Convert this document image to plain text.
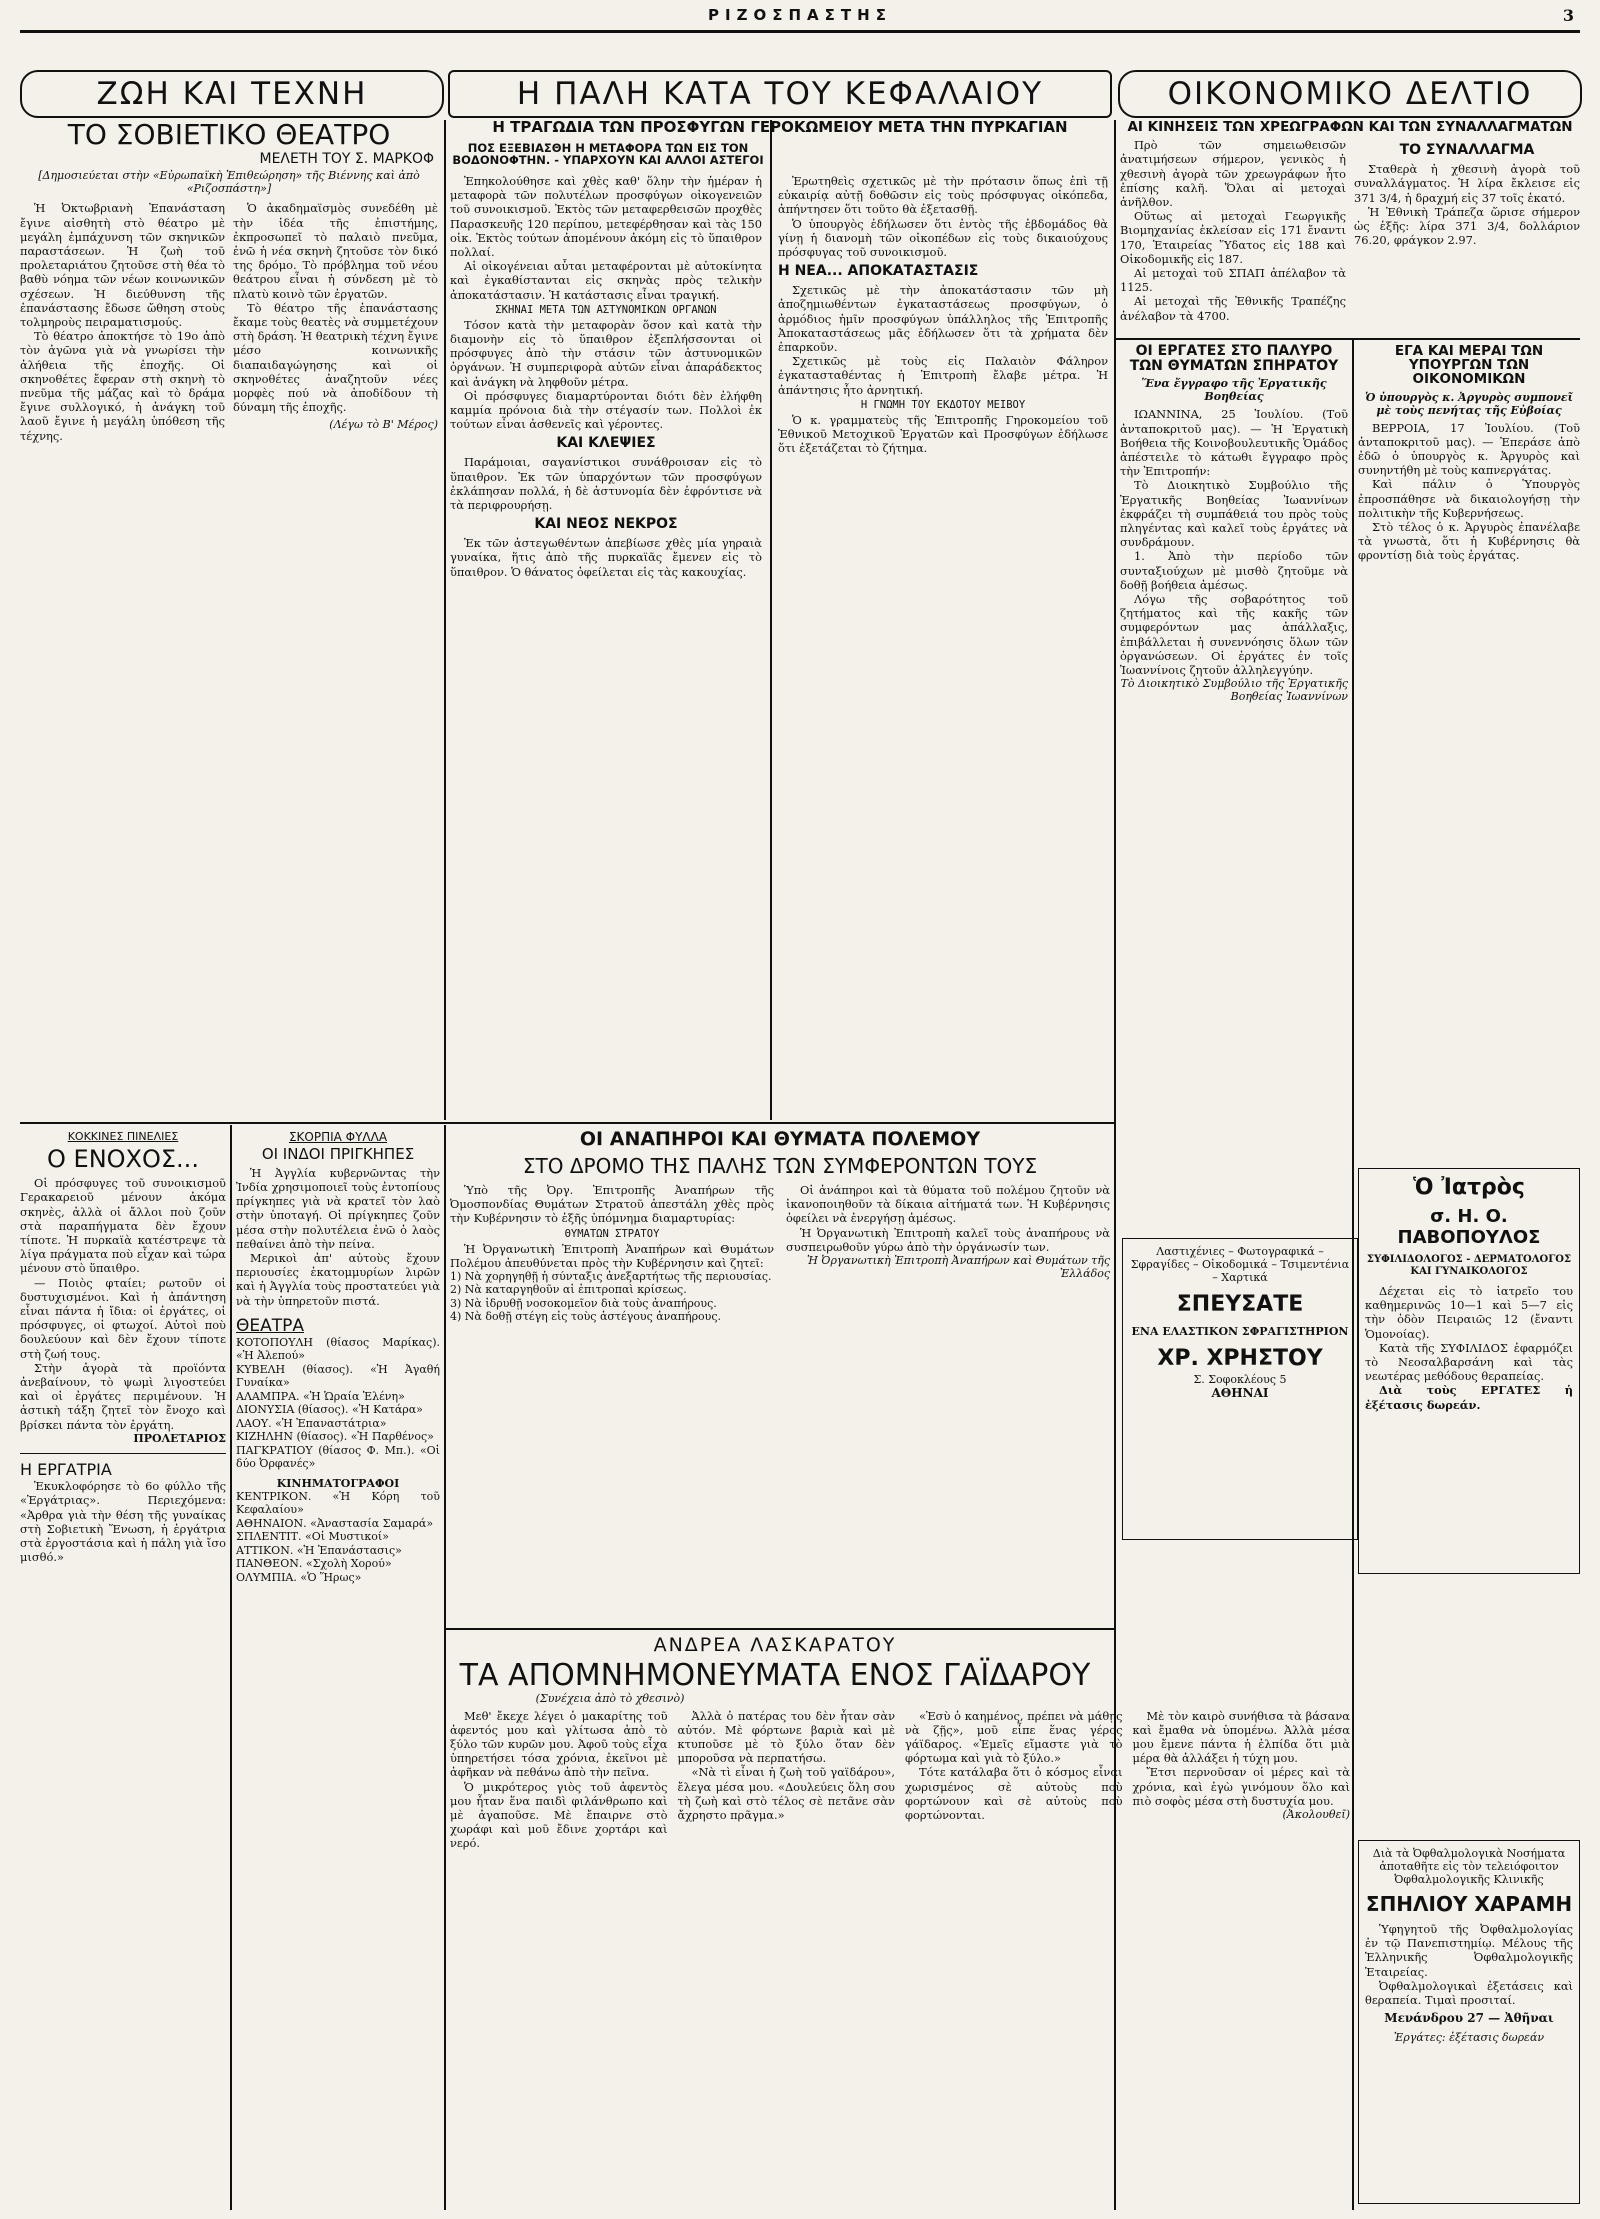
ΡΙΖΟΣΠΑΣΤΗΣ	3
ΖΩΗ ΚΑΙ ΤΕΧΝΗ	Η ΠΑΛΗ ΚΑΤΑ ΤΟΥ ΚΕΦΑΛΑΙΟΥ	ΟΙΚΟΝΟΜΙΚΟ ΔΕΛΤΙΟ
ΤΟ ΣΟΒΙΕΤΙΚΟ ΘΕΑΤΡΟ
ΜΕΛΕΤΗ ΤΟΥ Σ. ΜΑΡΚΟΦ
[Δημοσιεύεται στὴν «Εὐρωπαϊκὴ Ἐπιθεώρηση» τῆς Βιέννης καὶ ἀπὸ «Ριζοσπάστη»]

Ἡ Ὀκτωβριανὴ Ἐπανάσταση ἔγινε αἰσθητὴ στὸ θέατρο μὲ μεγάλη ἐμπάχυνση τῶν σκηνικῶν παραστάσεων. Ἡ ζωὴ τοῦ προλεταριάτου ζητοῦσε στὴ θέα τὸ βαθὺ νόημα τῶν νέων κοινωνικῶν σχέσεων. Ἡ διεύθυνση τῆς ἐπανάστασης ἔδωσε ὤθηση στοὺς τολμηροὺς πειραματισμούς.

Τὸ θέατρο ἀποκτήσε τὸ 19ο ἀπὸ τὸν ἀγῶνα γιὰ νὰ γνωρίσει τὴν ἀλήθεια τῆς ἐποχῆς. Οἱ σκηνοθέτες ἔφεραν στὴ σκηνὴ τὸ πνεῦμα τῆς μάζας καὶ τὸ δράμα ἔγινε συλλογικό, ἡ ἀνάγκη τοῦ λαοῦ ἔγινε ἡ μεγάλη ὑπόθεση τῆς τέχνης.

Ὁ ἀκαδημαϊσμὸς συνεδέθη μὲ τὴν ἰδέα τῆς ἐπιστήμης, ἐκπροσωπεῖ τὸ παλαιὸ πνεῦμα, ἐνῶ ἡ νέα σκηνὴ ζητοῦσε τὸν δικό της δρόμο. Τὸ πρόβλημα τοῦ νέου θεάτρου εἶναι ἡ σύνδεση μὲ τὸ πλατὺ κοινὸ τῶν ἐργατῶν.

Τὸ θέατρο τῆς ἐπανάστασης ἔκαμε τοὺς θεατὲς νὰ συμμετέχουν στὴ δράση. Ἡ θεατρικὴ τέχνη ἔγινε μέσο κοινωνικῆς διαπαιδαγώγησης καὶ οἱ σκηνοθέτες ἀναζητοῦν νέες μορφὲς πού νὰ ἀποδίδουν τὴ δύναμη τῆς ἐποχῆς.

(Λέγω τὸ Β' Μέρος)
ΚΟΚΚΙΝΕΣ ΠΙΝΕΛΙΕΣ
Ο ΕΝΟΧΟΣ...

Οἱ πρόσφυγες τοῦ συνοικισμοῦ Γερακαρειοῦ μένουν ἀκόμα σκηνὲς, ἀλλὰ οἱ ἄλλοι ποὺ ζοῦν στὰ παραπήγματα δὲν ἔχουν τίποτε. Ἡ πυρκαϊὰ κατέστρεψε τὰ λίγα πράγματα ποὺ εἶχαν καὶ τώρα μένουν στὸ ὕπαιθρο.

— Ποιὸς φταίει; ρωτοῦν οἱ δυστυχισμένοι. Καὶ ἡ ἀπάντηση εἶναι πάντα ἡ ἴδια: οἱ ἐργάτες, οἱ πρόσφυγες, οἱ φτωχοί. Αὐτοὶ ποὺ δουλεύουν καὶ δὲν ἔχουν τίποτε στὴ ζωή τους.

Στὴν ἀγορὰ τὰ προϊόντα ἀνεβαίνουν, τὸ ψωμὶ λιγοστεύει καὶ οἱ ἐργάτες περιμένουν. Ἡ ἀστικὴ τάξη ζητεῖ τὸν ἔνοχο καὶ βρίσκει πάντα τὸν ἐργάτη.

ΠΡΟΛΕΤΑΡΙΟΣ
Η ΕΡΓΑΤΡΙΑ

Ἐκυκλοφόρησε τὸ 6ο φύλλο τῆς «Ἐργάτριας». Περιεχόμενα: «Ἀρθρα γιὰ τὴν θέση τῆς γυναίκας στὴ Σοβιετικὴ Ἕνωση, ἡ ἐργάτρια στὰ ἐργοστάσια καὶ ἡ πάλη γιὰ ἴσο μισθό.»

ΣΚΟΡΠΙΑ ΦΥΛΛΑ
ΟΙ ΙΝΔΟΙ ΠΡΙΓΚΗΠΕΣ

Ἡ Ἀγγλία κυβερνῶντας τὴν Ἰνδία χρησιμοποιεῖ τοὺς ἐντοπίους πρίγκηπες γιὰ νὰ κρατεῖ τὸν λαὸ στὴν ὑποταγή. Οἱ πρίγκηπες ζοῦν μέσα στὴν πολυτέλεια ἐνῶ ὁ λαὸς πεθαίνει ἀπὸ τὴν πείνα.

Μερικοὶ ἀπ' αὐτοὺς ἔχουν περιουσίες ἑκατομμυρίων λιρῶν καὶ ἡ Ἀγγλία τοὺς προστατεύει γιὰ νὰ τὴν ὑπηρετοῦν πιστά.

ΘΕΑΤΡΑ
ΚΟΤΟΠΟΥΛΗ (θίασος Μαρίκας). «Ἡ Ἀλεπού»
ΚΥΒΕΛΗ (θίασος). «Ἡ Ἀγαθή Γυναίκα»
ΑΛΑΜΠΡΑ. «Ἡ Ὡραία Ἑλένη»
ΔΙΟΝΥΣΙΑ (θίασος). «Ἡ Κατάρα»
ΛΑΟΥ. «Ἡ Ἐπαναστάτρια»
ΚΙΖΗΛΗΝ (θίασος). «Ἡ Παρθένος»
ΠΑΓΚΡΑΤΙΟΥ (θίασος Φ. Μπ.). «Οἱ δύο Ὀρφανές»
ΚΙΝΗΜΑΤΟΓΡΑΦΟΙ
ΚΕΝΤΡΙΚΟΝ. «Ἡ Κόρη τοῦ Κεφαλαίου»
ΑΘΗΝΑΙΟΝ. «Ἀναστασία Σαμαρά»
ΣΠΛΕΝΤΙΤ. «Οἱ Μυστικοί»
ΑΤΤΙΚΟΝ. «Ἡ Ἐπανάστασις»
ΠΑΝΘΕΟΝ. «Σχολὴ Χορού»
ΟΛΥΜΠΙΑ. «Ὁ Ἥρως»
Η ΤΡΑΓΩΔΙΑ ΤΩΝ ΠΡΟΣΦΥΓΩΝ ΓΕΡΟΚΩΜΕΙΟΥ ΜΕΤΑ ΤΗΝ ΠΥΡΚΑΓΙΑΝ
ΠΟΣ ΕΞΕΒΙΑΣΘΗ Η ΜΕΤΑΦΟΡΑ ΤΩΝ ΕΙΣ ΤΟΝ ΒΟΔΟΝΟΦΤΗΝ. - ΥΠΑΡΧΟΥΝ ΚΑΙ ΑΛΛΟΙ ΑΣΤΕΓΟΙ

Ἐπηκολούθησε καὶ χθὲς καθ' ὅλην τὴν ἡμέραν ἡ μεταφορὰ τῶν πολυτέλων προσφύγων οἰκογενειῶν τοῦ συνοικισμοῦ. Ἐκτὸς τῶν μεταφερθεισῶν προχθὲς Παρασκευῆς 120 περίπου, μετεφέρθησαν καὶ τὰς 150 οἰκ. Ἐκτὸς τούτων ἀπομένουν ἀκόμη εἰς τὸ ὕπαιθρον πολλαί.

Αἱ οἰκογένειαι αὗται μεταφέρονται μὲ αὐτοκίνητα καὶ ἐγκαθίστανται εἰς σκηνὰς πρὸς τελικὴν ἀποκατάστασιν. Ἡ κατάστασις εἶναι τραγική.

ΣΚΗΝΑΙ ΜΕΤΑ ΤΩΝ ΑΣΤΥΝΟΜΙΚΩΝ ΟΡΓΑΝΩΝ

Τόσον κατὰ τὴν μεταφορὰν ὅσον καὶ κατὰ τὴν διαμονὴν εἰς τὸ ὕπαιθρον ἐξεπλήσσονται οἱ πρόσφυγες ἀπὸ τὴν στάσιν τῶν ἀστυνομικῶν ὀργάνων. Ἡ συμπεριφορὰ αὐτῶν εἶναι ἀπαράδεκτος καὶ ἀνάγκη νὰ ληφθοῦν μέτρα.

Οἱ πρόσφυγες διαμαρτύρονται διότι δὲν ἐλήφθη καμμία πρόνοια διὰ τὴν στέγασίν των. Πολλοὶ ἐκ τούτων εἶναι ἀσθενεῖς καὶ γέροντες.

ΚΑΙ ΚΛΕΨΙΕΣ

Παράμοιαι, σαγανίστικοι συνάθροισαν εἰς τὸ ὕπαιθρον. Ἐκ τῶν ὑπαρχόντων τῶν προσφύγων ἐκλάπησαν πολλά, ἡ δὲ ἀστυνομία δὲν ἐφρόντισε νὰ τὰ περιφρουρήσῃ.

ΚΑΙ ΝΕΟΣ ΝΕΚΡΟΣ

Ἐκ τῶν ἀστεγωθέντων ἀπεβίωσε χθὲς μία γηραιὰ γυναίκα, ἥτις ἀπὸ τῆς πυρκαϊᾶς ἔμενεν εἰς τὸ ὕπαιθρον. Ὁ θάνατος ὀφείλεται εἰς τὰς κακουχίας.

Ἐρωτηθεὶς σχετικῶς μὲ τὴν πρότασιν ὅπως ἐπὶ τῇ εὐκαιρίᾳ αὐτῇ δοθῶσιν εἰς τοὺς πρόσφυγας οἰκόπεδα, ἀπήντησεν ὅτι τοῦτο θὰ ἐξετασθῇ.

Ὁ ὑπουργὸς ἐδήλωσεν ὅτι ἐντὸς τῆς ἑβδομάδος θὰ γίνῃ ἡ διανομὴ τῶν οἰκοπέδων εἰς τοὺς δικαιούχους πρόσφυγας τοῦ συνοικισμοῦ.

Η ΝΕΑ... ΑΠΟΚΑΤΑΣΤΑΣΙΣ

Σχετικῶς μὲ τὴν ἀποκατάστασιν τῶν μὴ ἀποζημιωθέντων ἐγκαταστάσεως προσφύγων, ὁ ἀρμόδιος ἡμῖν προσφύγων ὑπάλληλος τῆς Ἐπιτροπῆς Ἀποκαταστάσεως μᾶς ἐδήλωσεν ὅτι τὰ χρήματα δὲν ἐπαρκοῦν.

Σχετικῶς μὲ τοὺς εἰς Παλαιὸν Φάληρον ἐγκατασταθέντας ἡ Ἐπιτροπὴ ἔλαβε μέτρα. Ἡ ἀπάντησις ἦτο ἀρνητική.

Η ΓΝΩΜΗ ΤΟΥ ΕΚΔΟΤΟΥ ΜΕΙΒΟΥ

Ὁ κ. γραμματεὺς τῆς Ἐπιτροπῆς Γηροκομείου τοῦ Ἐθνικοῦ Μετοχικοῦ Ἐργατῶν καὶ Προσφύγων ἐδήλωσε ὅτι ἐξετάζεται τὸ ζήτημα.

ΟΙ ΑΝΑΠΗΡΟΙ ΚΑΙ ΘΥΜΑΤΑ ΠΟΛΕΜΟΥ
ΣΤΟ ΔΡΟΜΟ ΤΗΣ ΠΑΛΗΣ ΤΩΝ ΣΥΜΦΕΡΟΝΤΩΝ ΤΟΥΣ

Ὑπὸ τῆς Ὀργ. Ἐπιτροπῆς Ἀναπήρων τῆς Ὀμοσπονδίας Θυμάτων Στρατοῦ ἀπεστάλη χθὲς πρὸς τὴν Κυβέρνησιν τὸ ἑξῆς ὑπόμνημα διαμαρτυρίας:

ΘΥΜΑΤΩΝ ΣΤΡΑΤΟΥ

Ἡ Ὀργανωτικὴ Ἐπιτροπὴ Ἀναπήρων καὶ Θυμάτων Πολέμου ἀπευθύνεται πρὸς τὴν Κυβέρνησιν καὶ ζητεῖ:

1) Νὰ χορηγηθῇ ἡ σύνταξις ἀνεξαρτήτως τῆς περιουσίας.
2) Νὰ καταργηθοῦν αἱ ἐπιτροπαὶ κρίσεως.
3) Νὰ ἰδρυθῇ νοσοκομεῖον διὰ τοὺς ἀναπήρους.
4) Νὰ δοθῇ στέγη εἰς τοὺς ἀστέγους ἀναπήρους.

Οἱ ἀνάπηροι καὶ τὰ θύματα τοῦ πολέμου ζητοῦν νὰ ἱκανοποιηθοῦν τὰ δίκαια αἰτήματά των. Ἡ Κυβέρνησις ὀφείλει νὰ ἐνεργήσῃ ἀμέσως.

Ἡ Ὀργανωτικὴ Ἐπιτροπὴ καλεῖ τοὺς ἀναπήρους νὰ συσπειρωθοῦν γύρω ἀπὸ τὴν ὀργάνωσίν των.

Ἡ Ὀργανωτικὴ Ἐπιτροπὴ Ἀναπήρων καὶ Θυμάτων τῆς Ἑλλάδος
Λαστιχένιες – Φωτογραφικά – Σφραγίδες – Οἰκοδομικά – Τσιμεντένια – Χαρτικά
ΣΠΕΥΣΑΤΕ
ΕΝΑ ΕΛΑΣΤΙΚΟΝ ΣΦΡΑΓΙΣΤΗΡΙΟΝ
ΧΡ. ΧΡΗΣΤΟΥ
Σ. Σοφοκλέους 5
ΑΘΗΝΑΙ
ΑΝΔΡΕΑ ΛΑΣΚΑΡΑΤΟΥ
ΤΑ ΑΠΟΜΝΗΜΟΝΕΥΜΑΤΑ ΕΝΟΣ ΓΑΪΔΑΡΟΥ
(Συνέχεια ἀπὸ τὸ χθεσινὸ)

Μεθ' ἔκεχε λέγει ὁ μακαρίτης τοῦ ἀφεντός μου καὶ γλίτωσα ἀπὸ τὸ ξύλο τῶν κυρῶν μου. Ἀφοῦ τοὺς εἶχα ὑπηρετήσει τόσα χρόνια, ἐκεῖνοι μὲ ἀφῆκαν νὰ πεθάνω ἀπὸ τὴν πεῖνα.

Ὁ μικρότερος γιὸς τοῦ ἀφεντὸς μου ἦταν ἕνα παιδὶ φιλάνθρωπο καὶ μὲ ἀγαποῦσε. Μὲ ἔπαιρνε στὸ χωράφι καὶ μοῦ ἔδινε χορτάρι καὶ νερό.

Ἀλλὰ ὁ πατέρας του δὲν ἦταν σὰν αὐτόν. Μὲ φόρτωνε βαριὰ καὶ μὲ κτυποῦσε μὲ τὸ ξύλο ὅταν δὲν μποροῦσα νὰ περπατήσω.

«Νὰ τὶ εἶναι ἡ ζωὴ τοῦ γαϊδάρου», ἔλεγα μέσα μου. «Δουλεύεις ὅλη σου τὴ ζωὴ καὶ στὸ τέλος σὲ πετᾶνε σὰν ἄχρηστο πρᾶγμα.»

«Ἐσὺ ὁ καημένος, πρέπει νὰ μάθῃς νὰ ζῇς», μοῦ εἶπε ἕνας γέρος γάϊδαρος. «Ἐμεῖς εἴμαστε γιὰ τὸ φόρτωμα καὶ γιὰ τὸ ξύλο.»

Τότε κατάλαβα ὅτι ὁ κόσμος εἶναι χωρισμένος σὲ αὐτοὺς ποὺ φορτώνουν καὶ σὲ αὐτοὺς ποὺ φορτώνονται.

Μὲ τὸν καιρὸ συνήθισα τὰ βάσανα καὶ ἔμαθα νὰ ὑπομένω. Ἀλλὰ μέσα μου ἔμενε πάντα ἡ ἐλπίδα ὅτι μιὰ μέρα θὰ ἀλλάξει ἡ τύχη μου.

Ἔτσι περνοῦσαν οἱ μέρες καὶ τὰ χρόνια, καὶ ἐγὼ γινόμουν ὅλο καὶ πιὸ σοφὸς μέσα στὴ δυστυχία μου.

(Ἀκολουθεῖ)
ΑΙ ΚΙΝΗΣΕΙΣ ΤΩΝ ΧΡΕΩΓΡΑΦΩΝ ΚΑΙ ΤΩΝ ΣΥΝΑΛΛΑΓΜΑΤΩΝ

Πρὸ τῶν σημειωθεισῶν ἀνατιμήσεων σήμερον, γενικὸς ἡ χθεσινὴ ἀγορὰ τῶν χρεωγράφων ἦτο ἐπίσης καλῆ. Ὅλαι αἱ μετοχαὶ ἀνῆλθον.

Οὕτως αἱ μετοχαὶ Γεωργικῆς Βιομηχανίας ἐκλείσαν εἰς 171 ἔναντι 170, Ἑταιρείας Ὕδατος εἰς 188 καὶ Οἰκοδομικῆς εἰς 187.

Αἱ μετοχαὶ τοῦ ΣΠΑΠ ἀπέλαβον τὰ 1125.

Αἱ μετοχαὶ τῆς Ἐθνικῆς Τραπέζης ἀνέλαβον τὰ 4700.

ΤΟ ΣΥΝΑΛΛΑΓΜΑ

Σταθερὰ ἡ χθεσινὴ ἀγορὰ τοῦ συναλλάγματος. Ἡ λίρα ἔκλεισε εἰς 371 3/4, ἡ δραχμή εἰς 37 τοῖς ἑκατό.

Ἡ Ἐθνικὴ Τράπεζα ὥρισε σήμερον ὡς ἑξῆς: λίρα 371 3/4, δολλάριον 76.20, φράγκον 2.97.

ΟΙ ΕΡΓΑΤΕΣ ΣΤΟ ΠΑΛΥΡΟ ΤΩΝ ΘΥΜΑΤΩΝ ΣΠΗΡΑΤΟΥ
Ἕνα ἔγγραφο τῆς Ἐργατικῆς Βοηθείας

ΙΩΑΝΝΙΝΑ, 25 Ἰουλίου. (Τοῦ ἀνταποκριτοῦ μας). — Ἡ Ἐργατικὴ Βοήθεια τῆς Κοινοβουλευτικῆς Ὁμάδος ἀπέστειλε τὸ κάτωθι ἔγγραφο πρὸς τὴν Ἐπιτροπήν:

Τὸ Διοικητικὸ Συμβούλιο τῆς Ἐργατικῆς Βοηθείας Ἰωαννίνων ἐκφράζει τὴ συμπάθειά του πρὸς τοὺς πληγέντας καὶ καλεῖ τοὺς ἐργάτες νὰ συνδράμουν.

1. Ἀπὸ τὴν περίοδο τῶν συνταξιούχων μὲ μισθὸ ζητοῦμε νὰ δοθῇ βοήθεια ἀμέσως.

Λόγω τῆς σοβαρότητος τοῦ ζητήματος καὶ τῆς κακῆς τῶν συμφερόντων μας ἀπάλλαξις, ἐπιβάλλεται ἡ συνεννόησις ὅλων τῶν ὀργανώσεων. Οἱ ἐργάτες ἐν τοῖς Ἰωαννίνοις ζητοῦν ἀλληλεγγύην.

Τὸ Διοικητικὸ Συμβούλιο τῆς Ἐργατικῆς Βοηθείας Ἰωαννίνων
ΕΓΑ ΚΑΙ ΜΕΡΑΙ ΤΩΝ ΥΠΟΥΡΓΩΝ ΤΩΝ ΟΙΚΟΝΟΜΙΚΩΝ
Ὁ ὑπουργὸς κ. Ἀργυρὸς συμπονεῖ μὲ τοὺς πενήτας τῆς Εὐβοίας

ΒΕΡΡΟΙΑ, 17 Ἰουλίου. (Τοῦ ἀνταποκριτοῦ μας). — Ἐπεράσε ἀπὸ ἐδῶ ὁ ὑπουργὸς κ. Ἀργυρὸς καὶ συνηντήθη μὲ τοὺς καπνεργάτας.

Καὶ πάλιν ὁ Ὑπουργὸς ἐπροσπάθησε νὰ δικαιολογήσῃ τὴν πολιτικὴν τῆς Κυβερνήσεως.

Στὸ τέλος ὁ κ. Ἀργυρὸς ἐπανέλαβε τὰ γνωστὰ, ὅτι ἡ Κυβέρνησις θὰ φροντίσῃ διὰ τοὺς ἐργάτας.

Ὁ Ἰατρὸς
σ. Η. Ο. ΠΑΒΟΠΟΥΛΟΣ
ΣΥΦΙΛΙΔΟΛΟΓΟΣ - ΔΕΡΜΑΤΟΛΟΓΟΣ ΚΑΙ ΓΥΝΑΙΚΟΛΟΓΟΣ

Δέχεται εἰς τὸ ἰατρεῖο του καθημερινῶς 10—1 καὶ 5—7 εἰς τὴν ὁδὸν Πειραιῶς 12 (ἔναντι Ὁμονοίας).

Κατὰ τῆς ΣΥΦΙΛΙΔΟΣ ἐφαρμόζει τὸ Νεοσαλβαρσάνη καὶ τὰς νεωτέρας μεθόδους θεραπείας.

Διὰ τοὺς ΕΡΓΑΤΕΣ ἡ ἐξέτασις δωρεάν.

Διὰ τὰ Ὀφθαλμολογικὰ Νοσήματα ἀποταθῆτε εἰς τὸν τελειόφοιτον Ὀφθαλμολογικῆς Κλινικῆς
ΣΠΗΛΙΟΥ ΧΑΡΑΜΗ

Ὑφηγητοῦ τῆς Ὀφθαλμολογίας ἐν τῷ Πανεπιστημίῳ. Μέλους τῆς Ἑλληνικῆς Ὀφθαλμολογικῆς Ἑταιρείας.

Ὀφθαλμολογικαὶ ἐξετάσεις καὶ θεραπεία. Τιμαὶ προσιταί.

Μενάνδρου 27 — Ἀθῆναι
Ἐργάτες: ἐξέτασις δωρεάν
